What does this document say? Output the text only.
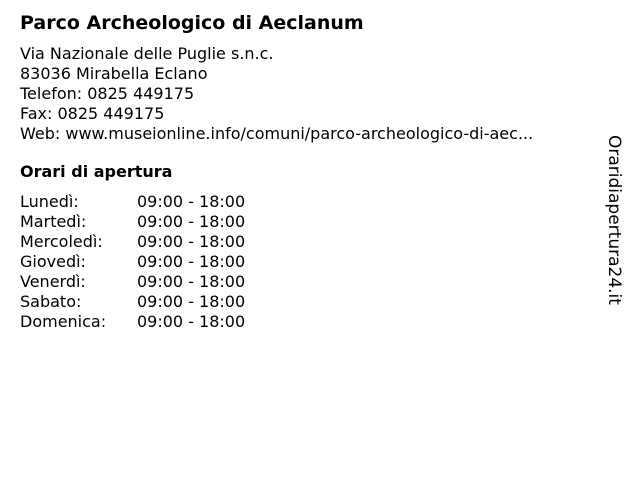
Parco Archeologico di Aeclanum
Via Nazionale delle Puglie s.n.c.
83036 Mirabella Eclano
Telefon: 0825 449175
Fax: 0825 449175
Web: www.museionline.info/comuni/parco-archeologico-di-aec...
Orari di apertura
Lunedì:	09:00 - 18:00
Martedì:	09:00 - 18:00
Mercoledì:	09:00 - 18:00
Giovedì:	09:00 - 18:00
Venerdì:	09:00 - 18:00
Sabato:	09:00 - 18:00
Domenica:	09:00 - 18:00
Oraridiapertura24.it
